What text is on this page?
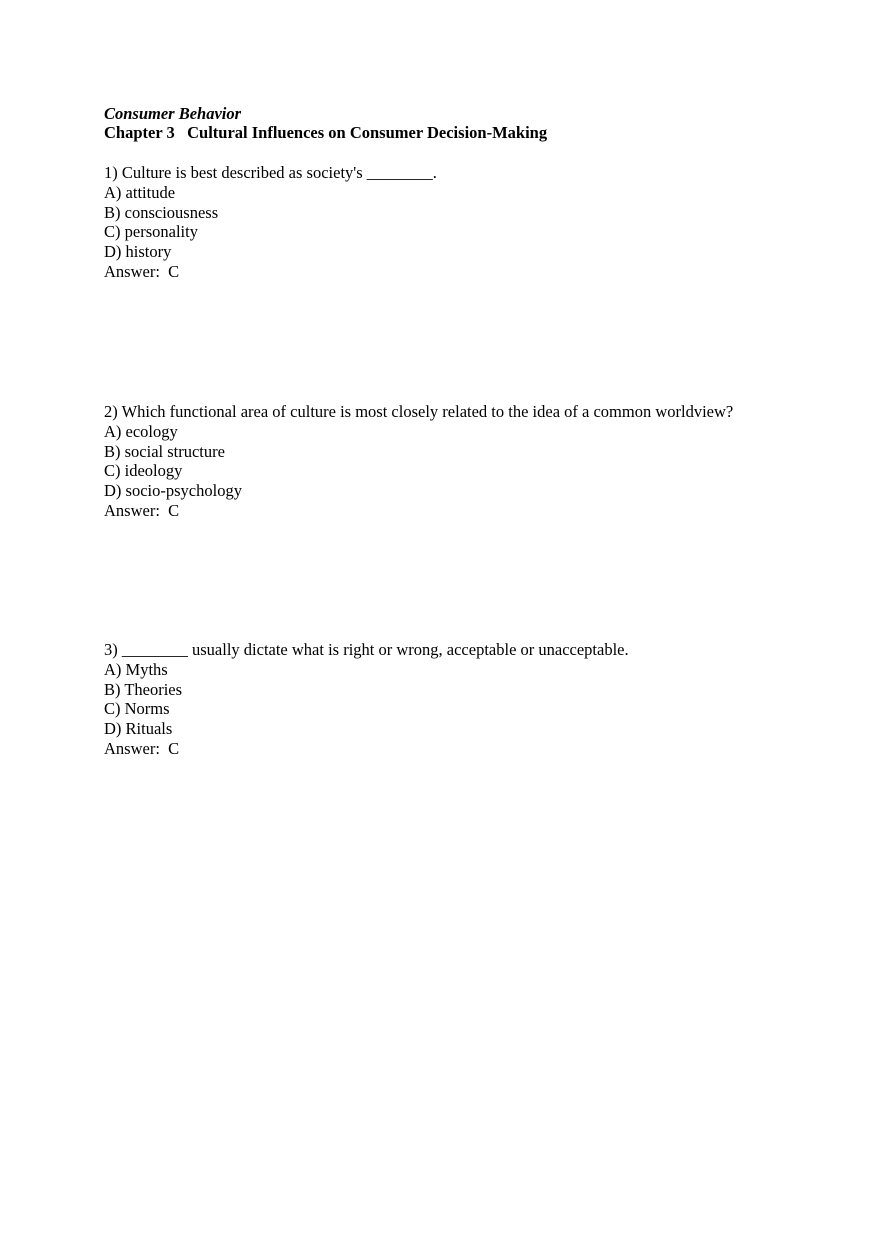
Consumer Behavior
Chapter 3   Cultural Influences on Consumer Decision-Making
1) Culture is best described as society's ________.
A) attitude
B) consciousness
C) personality
D) history
Answer:  C
2) Which functional area of culture is most closely related to the idea of a common worldview?
A) ecology
B) social structure
C) ideology
D) socio-psychology
Answer:  C
3) ________ usually dictate what is right or wrong, acceptable or unacceptable.
A) Myths
B) Theories
C) Norms
D) Rituals
Answer:  C
